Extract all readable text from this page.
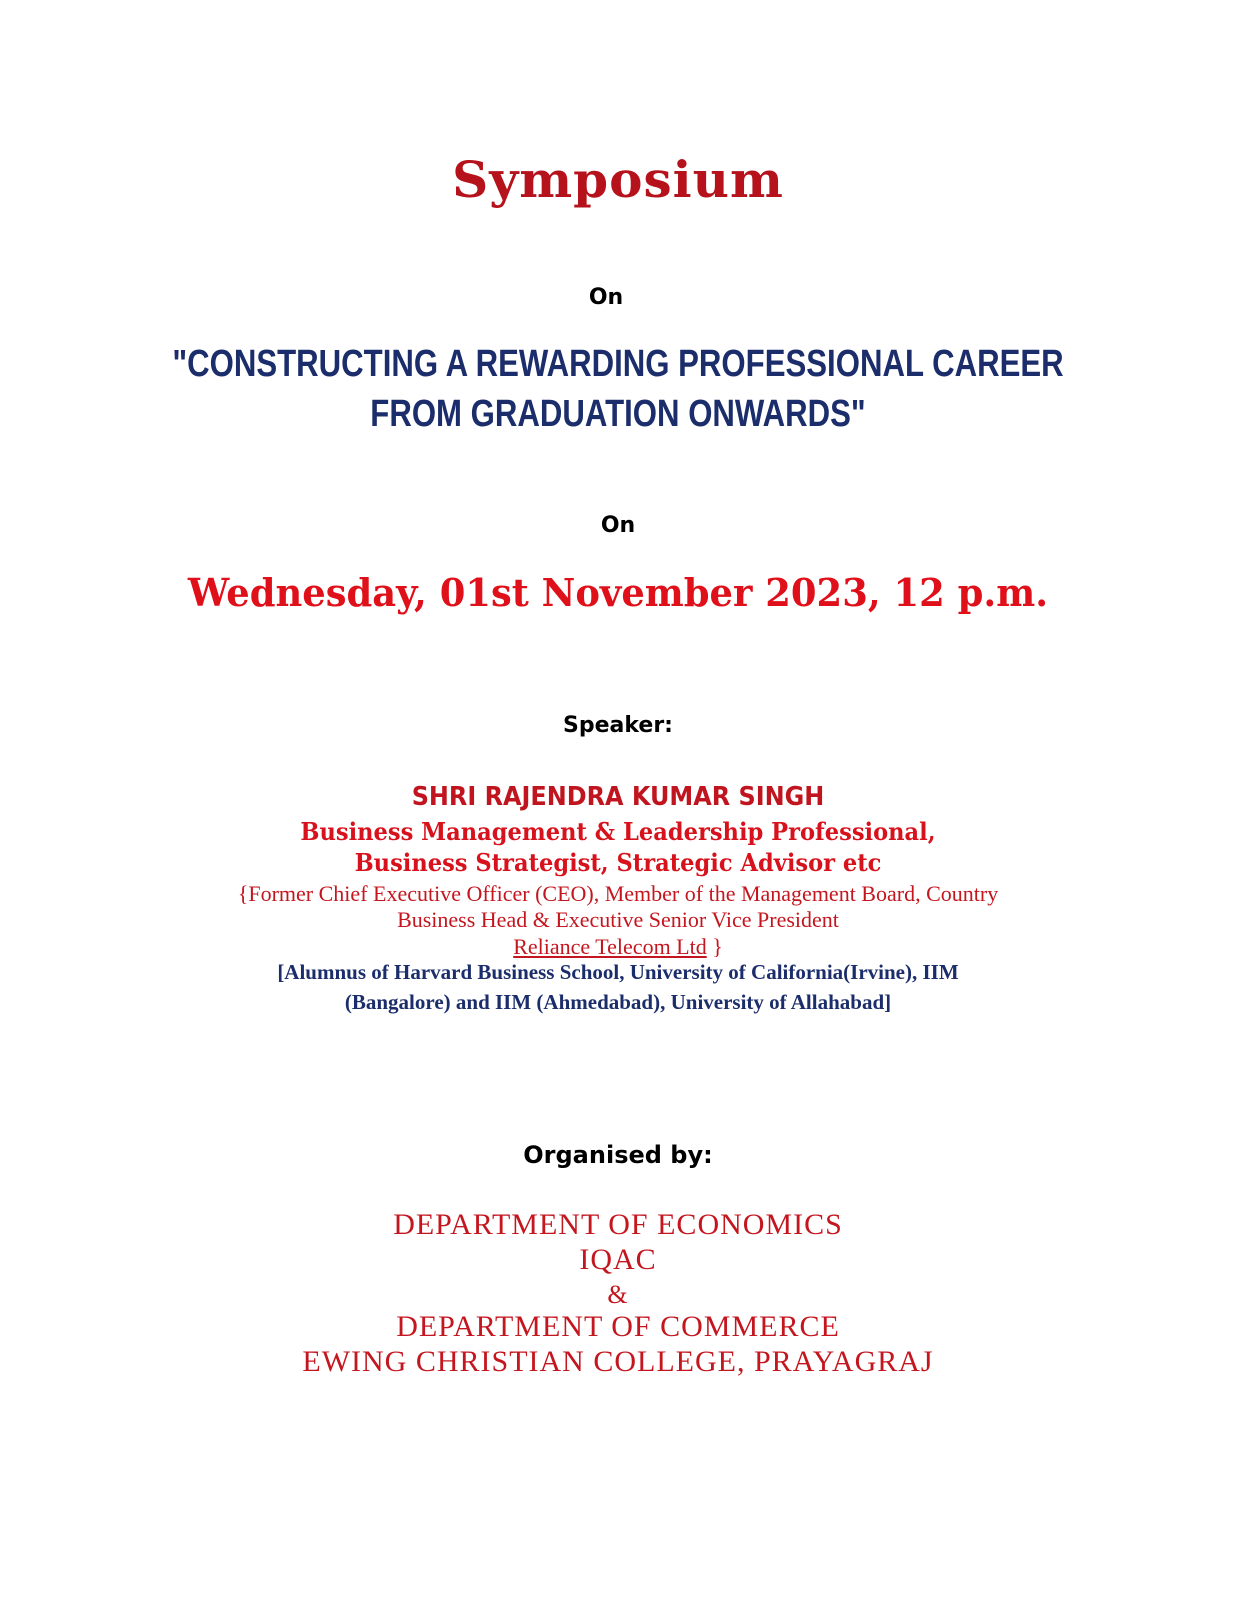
Symposium
On
"CONSTRUCTING A REWARDING PROFESSIONAL CAREER
FROM GRADUATION ONWARDS"
On
Wednesday, 01st November 2023, 12 p.m.
Speaker:
SHRI RAJENDRA KUMAR SINGH
Business Management & Leadership Professional,
Business Strategist, Strategic Advisor etc
{Former Chief Executive Officer (CEO), Member of the Management Board, Country
Business Head & Executive Senior Vice President
Reliance Telecom Ltd }
[Alumnus of Harvard Business School, University of California(Irvine), IIM
(Bangalore) and IIM (Ahmedabad), University of Allahabad]
Organised by:
DEPARTMENT OF ECONOMICS
IQAC
&
DEPARTMENT OF COMMERCE
EWING CHRISTIAN COLLEGE, PRAYAGRAJ
